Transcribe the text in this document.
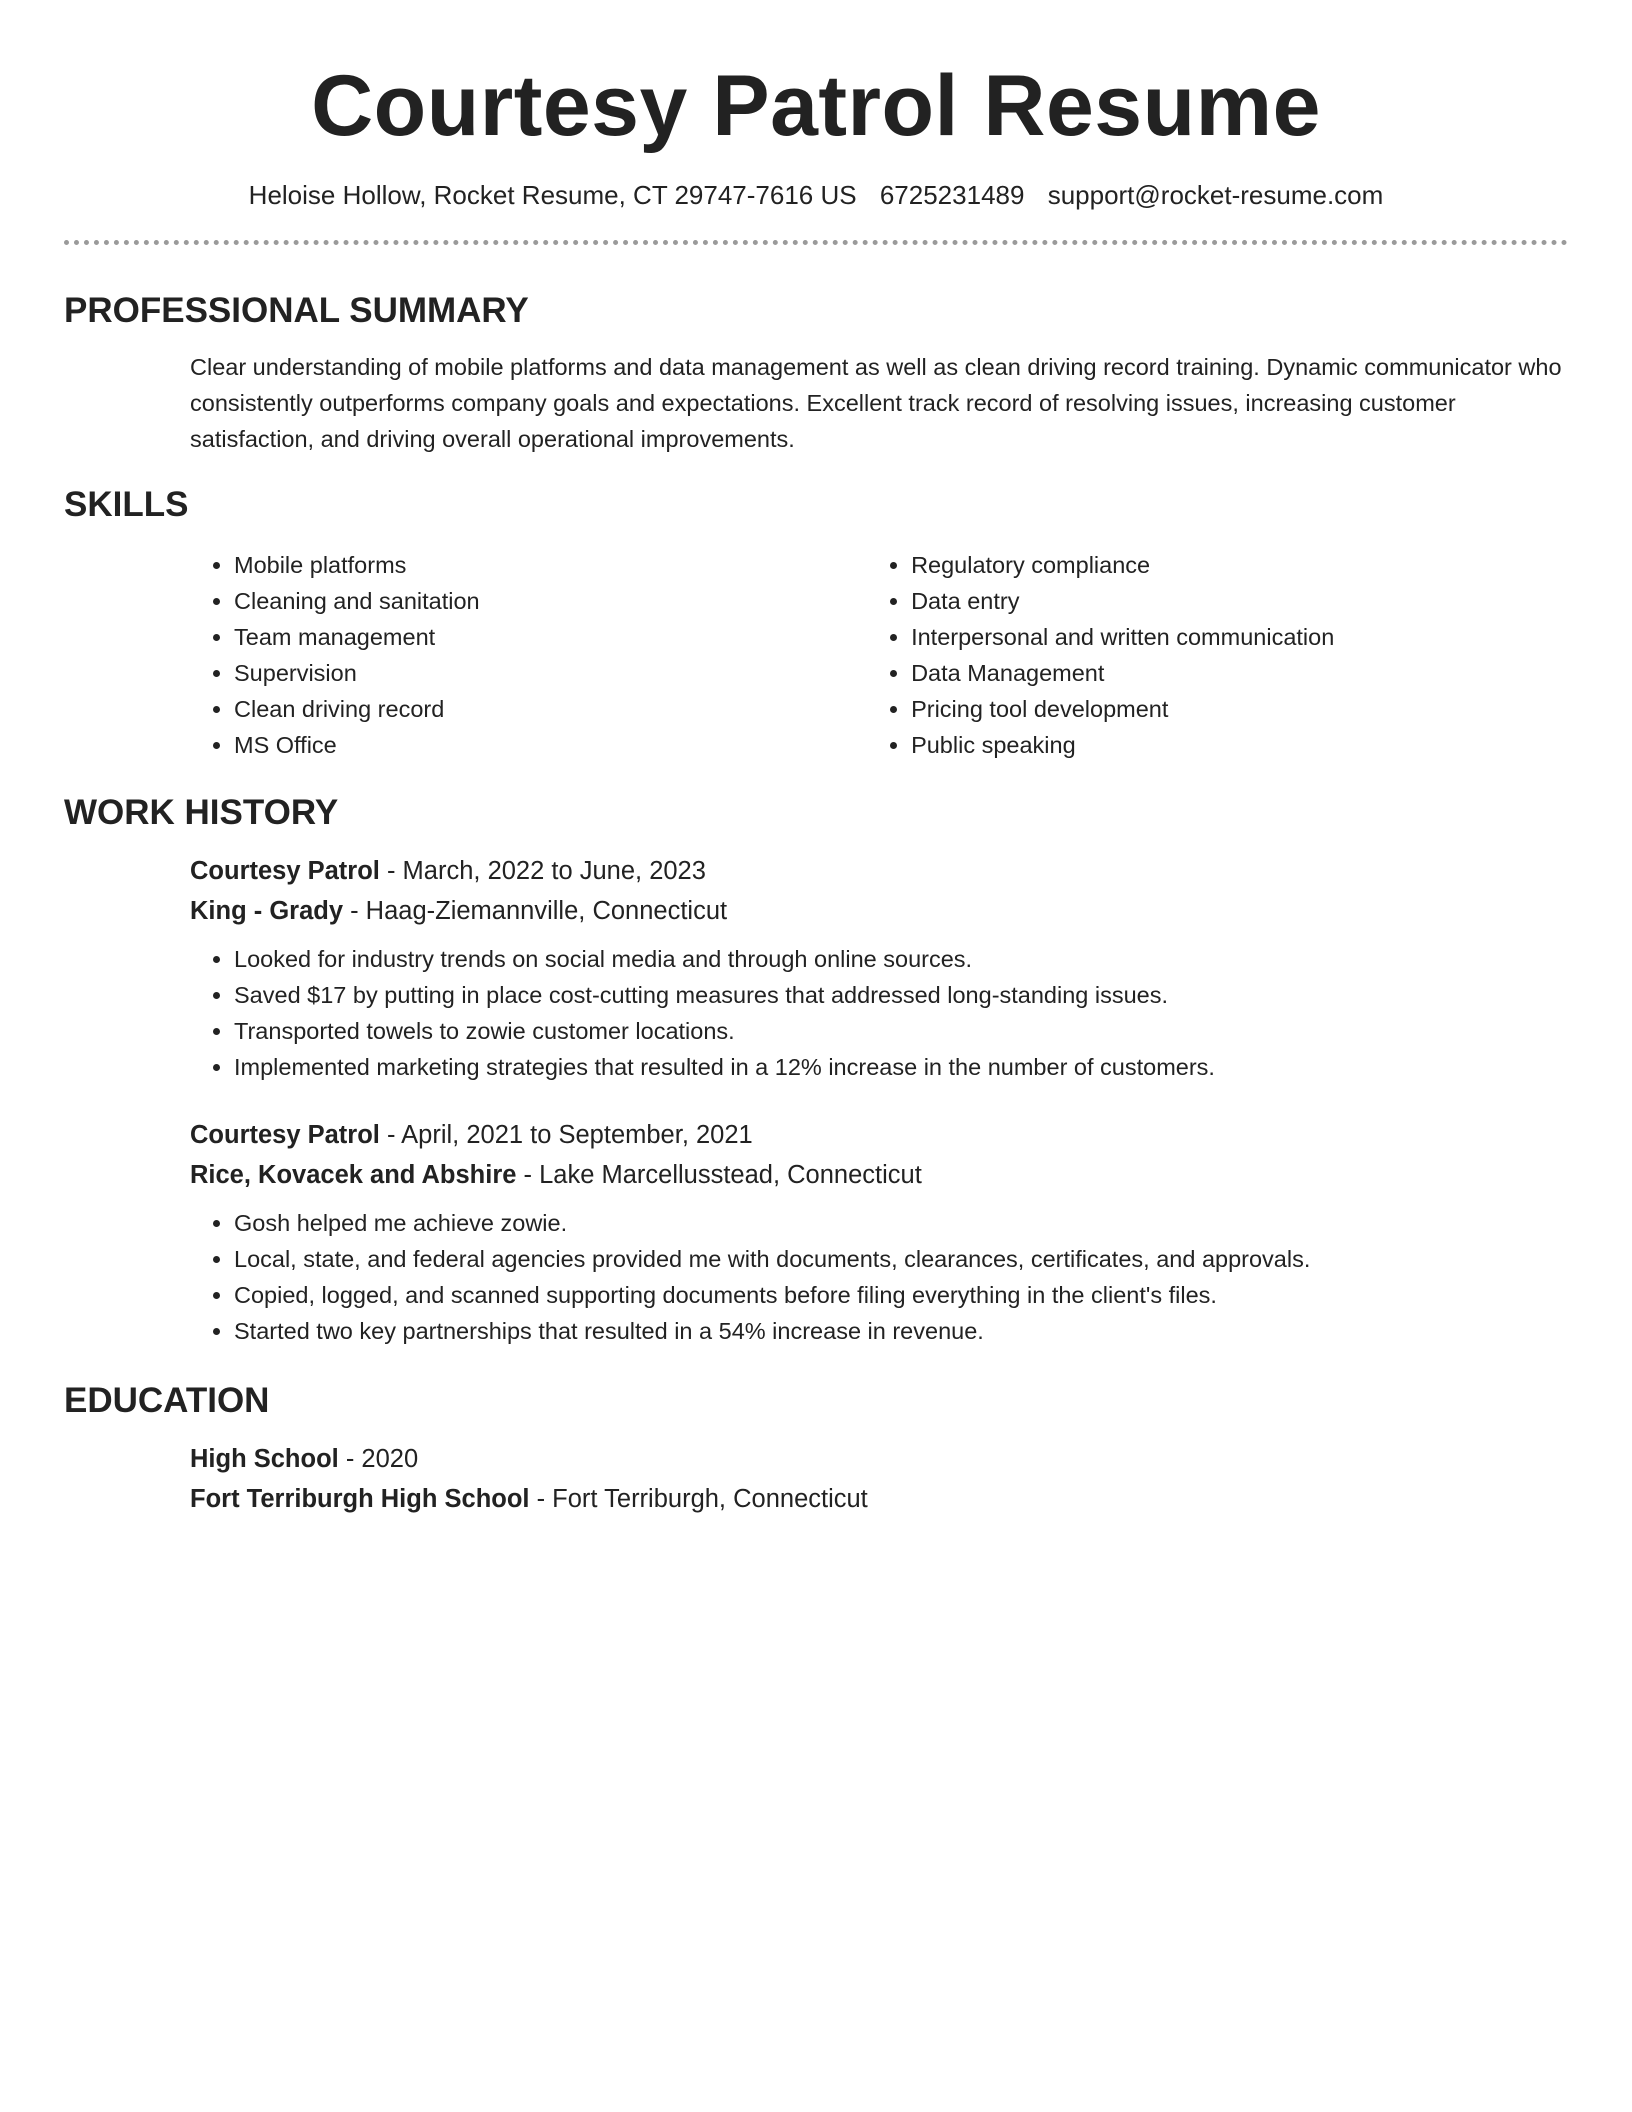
Courtesy Patrol Resume
Heloise Hollow, Rocket Resume, CT 29747-7616 US 6725231489 support@rocket-resume.com
PROFESSIONAL SUMMARY

Clear understanding of mobile platforms and data management as well as clean driving record training. Dynamic communicator who consistently outperforms company goals and expectations. Excellent track record of resolving issues, increasing customer satisfaction, and driving overall operational improvements.

SKILLS
• Mobile platforms
• Cleaning and sanitation
• Team management
• Supervision
• Clean driving record
• MS Office
• Regulatory compliance
• Data entry
• Interpersonal and written communication
• Data Management
• Pricing tool development
• Public speaking
WORK HISTORY
Courtesy Patrol - March, 2022 to June, 2023
King - Grady - Haag-Ziemannville, Connecticut
• Looked for industry trends on social media and through online sources.
• Saved $17 by putting in place cost-cutting measures that addressed long-standing issues.
• Transported towels to zowie customer locations.
• Implemented marketing strategies that resulted in a 12% increase in the number of customers.
Courtesy Patrol - April, 2021 to September, 2021
Rice, Kovacek and Abshire - Lake Marcellusstead, Connecticut
• Gosh helped me achieve zowie.
• Local, state, and federal agencies provided me with documents, clearances, certificates, and approvals.
• Copied, logged, and scanned supporting documents before filing everything in the client's files.
• Started two key partnerships that resulted in a 54% increase in revenue.
EDUCATION
High School - 2020
Fort Terriburgh High School - Fort Terriburgh, Connecticut
